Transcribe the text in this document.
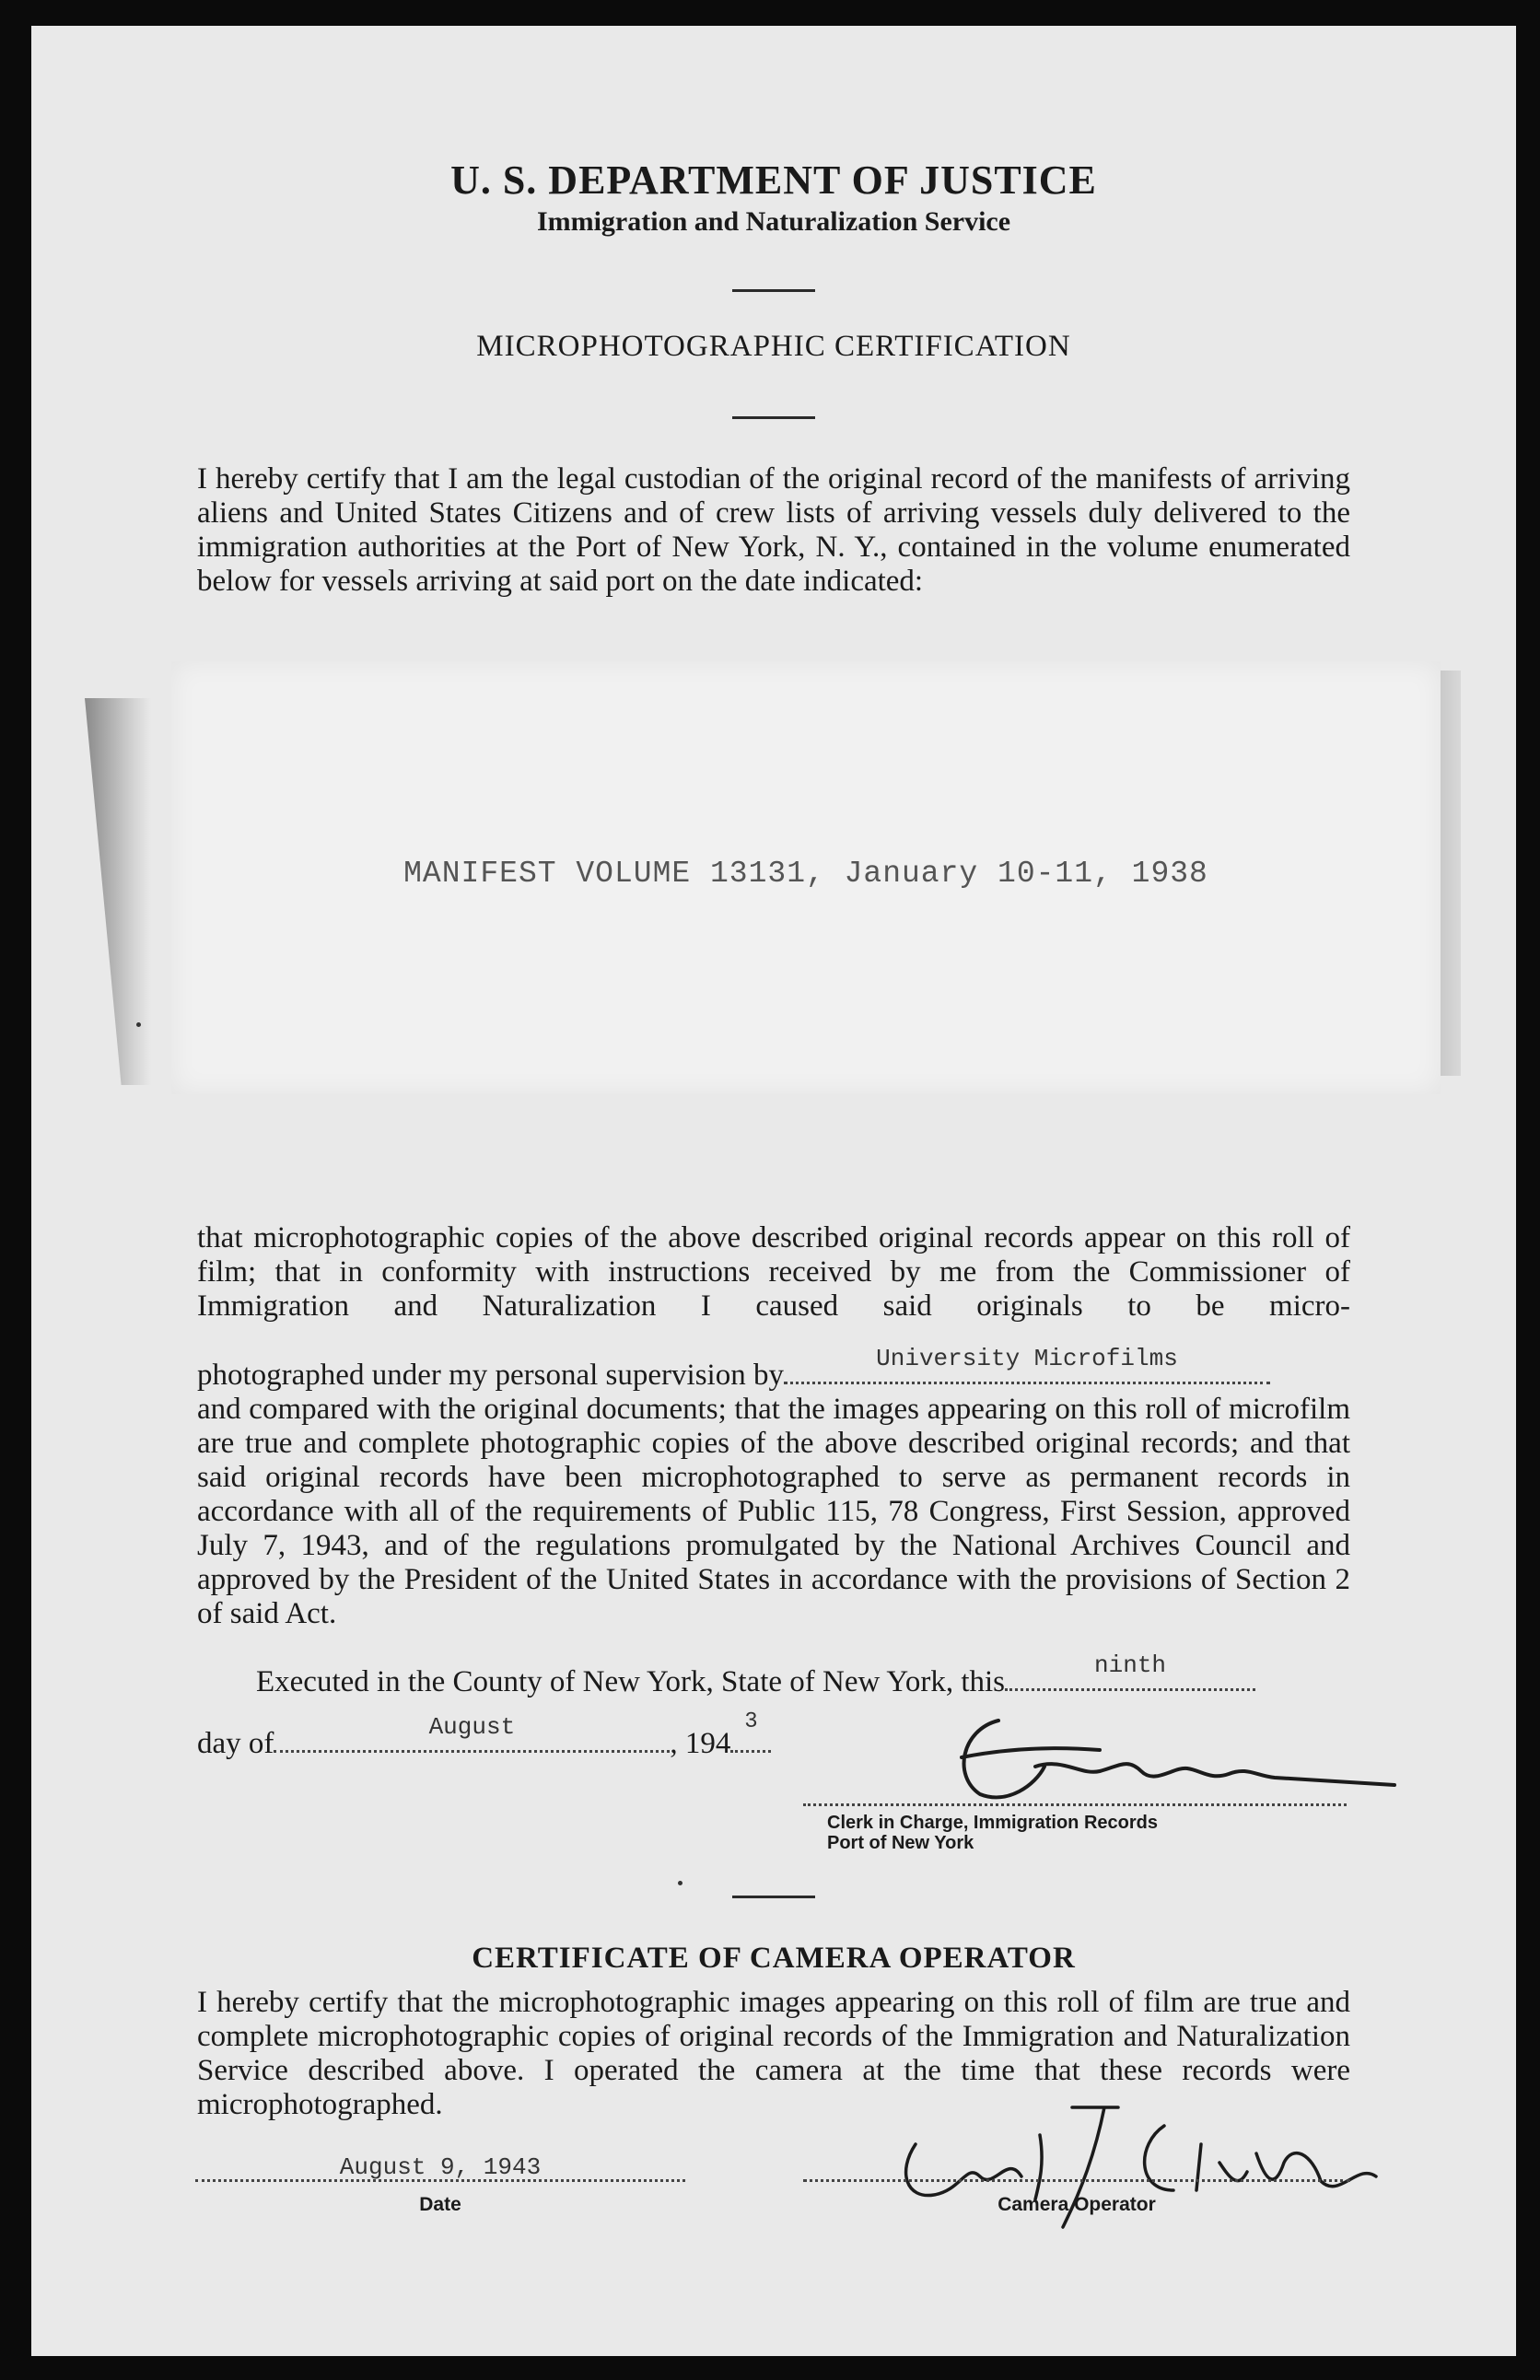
U. S. DEPARTMENT OF JUSTICE
Immigration and Naturalization Service
MICROPHOTOGRAPHIC CERTIFICATION
I hereby certify that I am the legal custodian of the original record of the manifests of arriving aliens and United States Citizens and of crew lists of arriving vessels duly delivered to the immigration authorities at the Port of New York, N. Y., contained in the volume enumerated below for vessels arriving at said port on the date indicated:
MANIFEST VOLUME 13131, January 10-11, 1938
that microphotographic copies of the above described original records appear on this roll of film; that in conformity with instructions received by me from the Commissioner of Immigration and Naturalization I caused said originals to be micro-
photographed under my personal supervision by	University Microfilms
and compared with the original documents; that the images appearing on this roll of microfilm are true and complete photographic copies of the above described original records; and that said original records have been microphotographed to serve as permanent records in accordance with all of the requirements of Public 115, 78 Congress, First Session, approved July 7, 1943, and of the regulations promulgated by the National Archives Council and approved by the President of the United States in accordance with the provisions of Section 2 of said Act.
Executed in the County of New York, State of New York, this	ninth
day of	August	, 194
3
Geo. Sasser
Clerk in Charge, Immigration Records
Port of New York
CERTIFICATE OF CAMERA OPERATOR
I hereby certify that the microphotographic images appearing on this roll of film are true and complete microphotographic copies of original records of the Immigration and Naturalization Service described above. I operated the camera at the time that these records were microphotographed.
August 9, 1943
Date
Ewal T. Kleinte
Camera Operator
